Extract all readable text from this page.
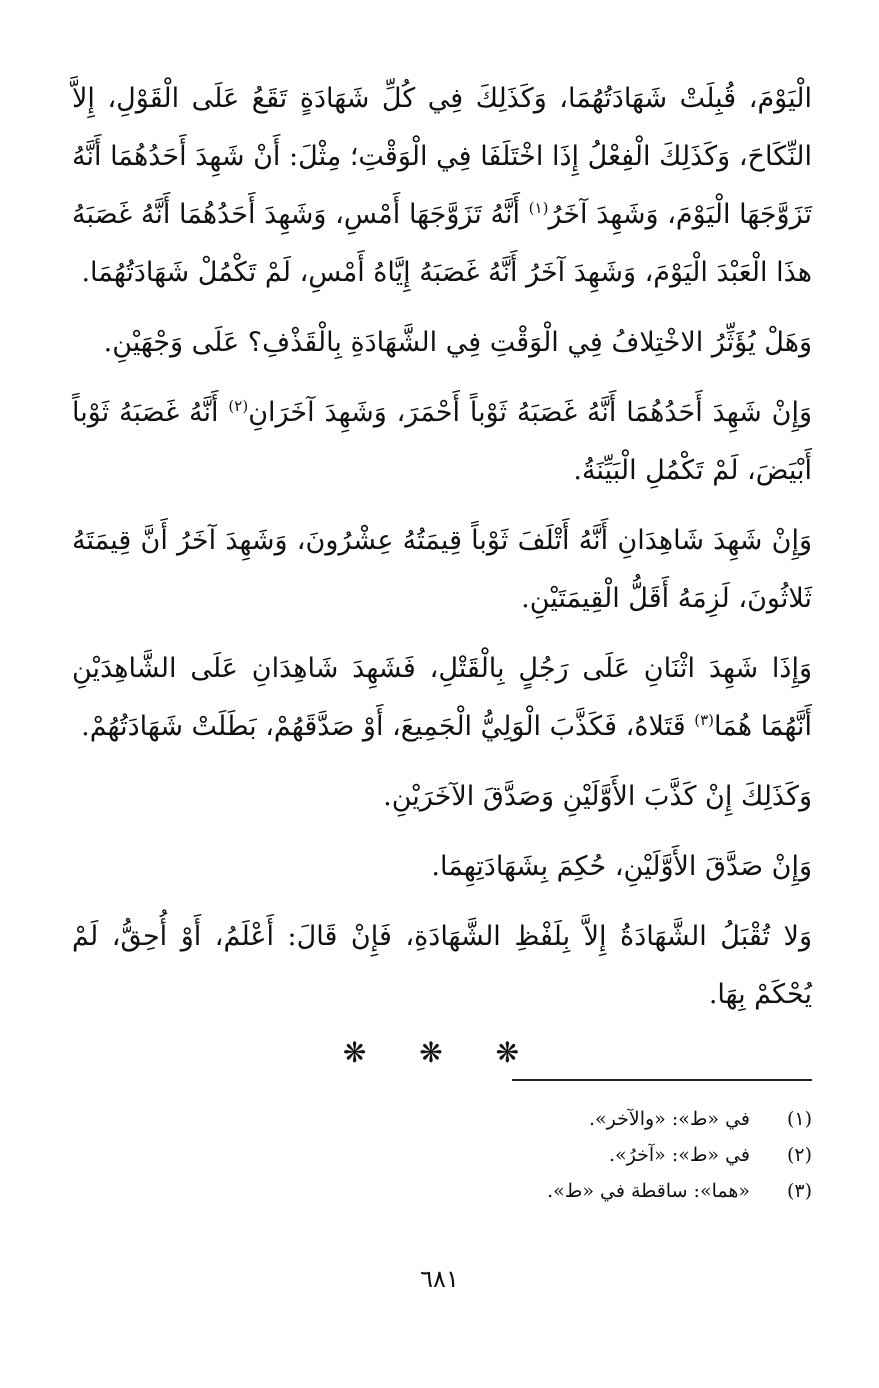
الْيَوْمَ، قُبِلَتْ شَهَادَتُهُمَا، وَكَذَلِكَ فِي كُلِّ شَهَادَةٍ تَقَعُ عَلَى الْقَوْلِ، إِلاَّ النِّكَاحَ، وَكَذَلِكَ الْفِعْلُ إِذَا اخْتَلَفَا فِي الْوَقْتِ؛ مِثْلَ: أَنْ شَهِدَ أَحَدُهُمَا أَنَّهُ تَزَوَّجَهَا الْيَوْمَ، وَشَهِدَ آخَرُ$^{(١)}$ أَنَّهُ تَزَوَّجَهَا أَمْسِ، وَشَهِدَ أَحَدُهُمَا أَنَّهُ غَصَبَهُ هذَا الْعَبْدَ الْيَوْمَ، وَشَهِدَ آخَرُ أَنَّهُ غَصَبَهُ إِيَّاهُ أَمْسِ، لَمْ تَكْمُلْ شَهَادَتُهُمَا.

وَهَلْ يُؤَثِّرُ الاخْتِلافُ فِي الْوَقْتِ فِي الشَّهَادَةِ بِالْقَذْفِ؟ عَلَى وَجْهَيْنِ.

وَإِنْ شَهِدَ أَحَدُهُمَا أَنَّهُ غَصَبَهُ ثَوْباً أَحْمَرَ، وَشَهِدَ آخَرَانِ$^{(٢)}$ أَنَّهُ غَصَبَهُ ثَوْباً أَبْيَضَ، لَمْ تَكْمُلِ الْبَيِّنَةُ.

وَإِنْ شَهِدَ شَاهِدَانِ أَنَّهُ أَتْلَفَ ثَوْباً قِيمَتُهُ عِشْرُونَ، وَشَهِدَ آخَرُ أَنَّ قِيمَتَهُ ثَلاثُونَ، لَزِمَهُ أَقَلُّ الْقِيمَتَيْنِ.

وَإِذَا شَهِدَ اثْنَانِ عَلَى رَجُلٍ بِالْقَتْلِ، فَشَهِدَ شَاهِدَانِ عَلَى الشَّاهِدَيْنِ أَنَّهُمَا هُمَا$^{(٣)}$ قَتَلاهُ، فَكَذَّبَ الْوَلِيُّ الْجَمِيعَ، أَوْ صَدَّقَهُمْ، بَطَلَتْ شَهَادَتُهُمْ.

وَكَذَلِكَ إِنْ كَذَّبَ الأَوَّلَيْنِ وَصَدَّقَ الآخَرَيْنِ.

وَإِنْ صَدَّقَ الأَوَّلَيْنِ، حُكِمَ بِشَهَادَتِهِمَا.

وَلا تُقْبَلُ الشَّهَادَةُ إِلاَّ بِلَفْظِ الشَّهَادَةِ، فَإِنْ قَالَ: أَعْلَمُ، أَوْ أُحِقُّ، لَمْ يُحْكَمْ بِهَا.

❋ ❋ ❋
(١)
في «ط»: «والآخر».
(٢)
في «ط»: «آخرُ».
(٣)
«هما»: ساقطة في «ط».
٦٨١
